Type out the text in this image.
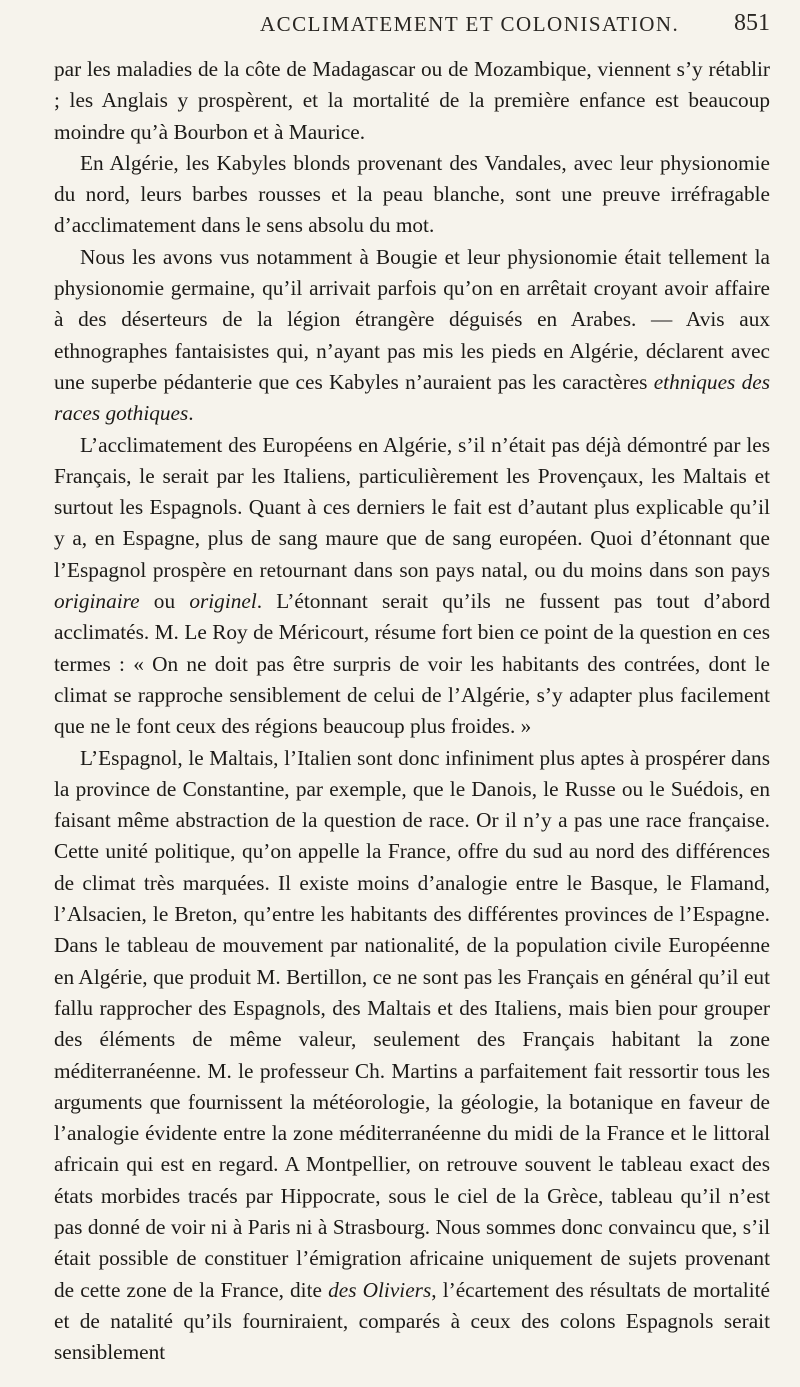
ACCLIMATEMENT ET COLONISATION. 851

par les maladies de la côte de Madagascar ou de Mozambique, viennent s’y rétablir ; les Anglais y prospèrent, et la mortalité de la première enfance est beaucoup moindre qu’à Bourbon et à Maurice.

En Algérie, les Kabyles blonds provenant des Vandales, avec leur physionomie du nord, leurs barbes rousses et la peau blanche, sont une preuve irréfragable d’acclimatement dans le sens absolu du mot.

Nous les avons vus notamment à Bougie et leur physionomie était tellement la physionomie germaine, qu’il arrivait parfois qu’on en arrêtait croyant avoir affaire à des déserteurs de la légion étrangère déguisés en Arabes. — Avis aux ethnographes fantaisistes qui, n’ayant pas mis les pieds en Algérie, déclarent avec une superbe pédanterie que ces Kabyles n’auraient pas les caractères ethniques des races gothiques.

L’acclimatement des Européens en Algérie, s’il n’était pas déjà démontré par les Français, le serait par les Italiens, particulièrement les Provençaux, les Maltais et surtout les Espagnols. Quant à ces derniers le fait est d’autant plus explicable qu’il y a, en Espagne, plus de sang maure que de sang européen. Quoi d’étonnant que l’Espagnol prospère en retournant dans son pays natal, ou du moins dans son pays originaire ou originel. L’étonnant serait qu’ils ne fussent pas tout d’abord acclimatés. M. Le Roy de Méricourt, résume fort bien ce point de la question en ces termes : « On ne doit pas être surpris de voir les habitants des contrées, dont le climat se rapproche sensiblement de celui de l’Algérie, s’y adapter plus facilement que ne le font ceux des régions beaucoup plus froides. »

L’Espagnol, le Maltais, l’Italien sont donc infiniment plus aptes à prospérer dans la province de Constantine, par exemple, que le Danois, le Russe ou le Suédois, en faisant même abstraction de la question de race. Or il n’y a pas une race française. Cette unité politique, qu’on appelle la France, offre du sud au nord des différences de climat très marquées. Il existe moins d’analogie entre le Basque, le Flamand, l’Alsacien, le Breton, qu’entre les habitants des différentes provinces de l’Espagne. Dans le tableau de mouvement par nationalité, de la population civile Européenne en Algérie, que produit M. Bertillon, ce ne sont pas les Français en général qu’il eut fallu rapprocher des Espagnols, des Maltais et des Italiens, mais bien pour grouper des éléments de même valeur, seulement des Français habitant la zone méditerranéenne. M. le professeur Ch. Martins a parfaitement fait ressortir tous les arguments que fournissent la météorologie, la géologie, la botanique en faveur de l’analogie évidente entre la zone méditerranéenne du midi de la France et le littoral africain qui est en regard. A Montpellier, on retrouve souvent le tableau exact des états morbides tracés par Hippocrate, sous le ciel de la Grèce, tableau qu’il n’est pas donné de voir ni à Paris ni à Strasbourg. Nous sommes donc convaincu que, s’il était possible de constituer l’émigration africaine uniquement de sujets provenant de cette zone de la France, dite des Oliviers, l’écartement des résultats de mortalité et de natalité qu’ils fourniraient, comparés à ceux des colons Espagnols serait sensiblement
